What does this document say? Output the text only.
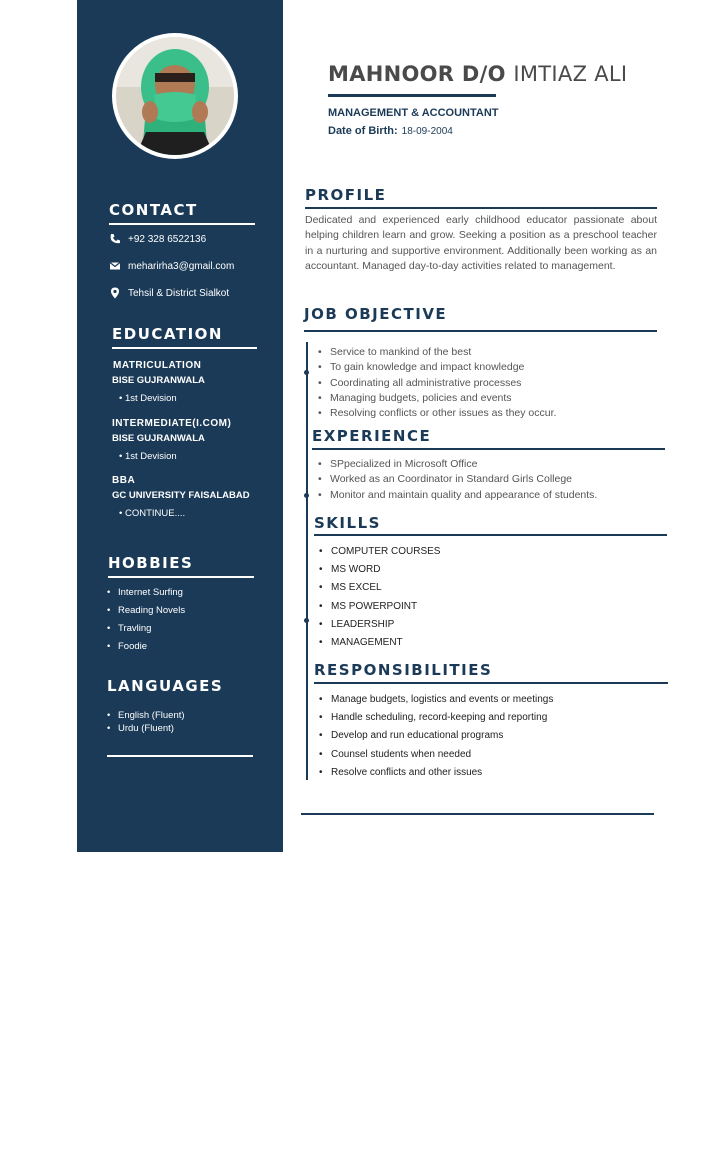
CONTACT
+92 328 6522136
meharirha3@gmail.com
Tehsil & District Sialkot
EDUCATION
MATRICULATION
BISE GUJRANWALA
• 1st Devision
INTERMEDIATE(I.COM)
BISE GUJRANWALA
• 1st Devision
BBA
GC UNIVERSITY FAISALABAD
• CONTINUE....
HOBBIES
• Internet Surfing
• Reading Novels
• Travling
• Foodie
LANGUAGES
• English (Fluent)
• Urdu (Fluent)
MAHNOOR D/O IMTIAZ ALI
MANAGEMENT & ACCOUNTANT
Date of Birth: 18-09-2004
PROFILE

Dedicated and experienced early childhood educator passionate about helping children learn and grow. Seeking a position as a preschool teacher in a nurturing and supportive environment. Additionally been working as an accountant. Managed day-to-day activities related to management.

JOB OBJECTIVE
• Service to mankind of the best
• To gain knowledge and impact knowledge
• Coordinating all administrative processes
• Managing budgets, policies and events
• Resolving conflicts or other issues as they occur.
EXPERIENCE
• SPpecialized in Microsoft Office
• Worked as an Coordinator in Standard Girls College
• Monitor and maintain quality and appearance of students.
SKILLS
• COMPUTER COURSES
• MS WORD
• MS EXCEL
• MS POWERPOINT
• LEADERSHIP
• MANAGEMENT
RESPONSIBILITIES
• Manage budgets, logistics and events or meetings
• Handle scheduling, record-keeping and reporting
• Develop and run educational programs
• Counsel students when needed
• Resolve conflicts and other issues
